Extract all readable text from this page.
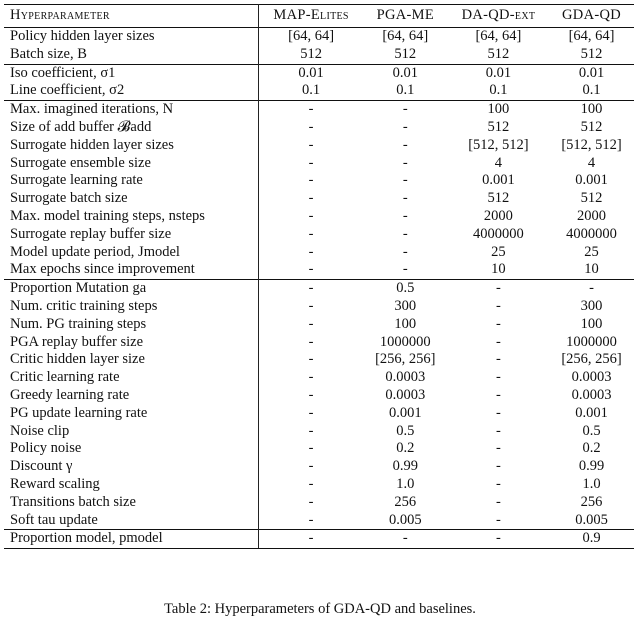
Hyperparameter	MAP-Elites	PGA-ME	DA-QD-ext	GDA-QD
Policy hidden layer sizes	[64, 64]	[64, 64]	[64, 64]	[64, 64]
Batch size, B	512	512	512	512
Iso coefficient, σ1	0.01	0.01	0.01	0.01
Line coefficient, σ2	0.1	0.1	0.1	0.1
Max. imagined iterations, N	-	-	100	100
Size of add buffer 𝓑add	-	-	512	512
Surrogate hidden layer sizes	-	-	[512, 512]	[512, 512]
Surrogate ensemble size	-	-	4	4
Surrogate learning rate	-	-	0.001	0.001
Surrogate batch size	-	-	512	512
Max. model training steps, nsteps	-	-	2000	2000
Surrogate replay buffer size	-	-	4000000	4000000
Model update period, Jmodel	-	-	25	25
Max epochs since improvement	-	-	10	10
Proportion Mutation ga	-	0.5	-	-
Num. critic training steps	-	300	-	300
Num. PG training steps	-	100	-	100
PGA replay buffer size	-	1000000	-	1000000
Critic hidden layer size	-	[256, 256]	-	[256, 256]
Critic learning rate	-	0.0003	-	0.0003
Greedy learning rate	-	0.0003	-	0.0003
PG update learning rate	-	0.001	-	0.001
Noise clip	-	0.5	-	0.5
Policy noise	-	0.2	-	0.2
Discount γ	-	0.99	-	0.99
Reward scaling	-	1.0	-	1.0
Transitions batch size	-	256	-	256
Soft tau update	-	0.005	-	0.005
Proportion model, pmodel	-	-	-	0.9
Table 2: Hyperparameters of GDA-QD and baselines.
